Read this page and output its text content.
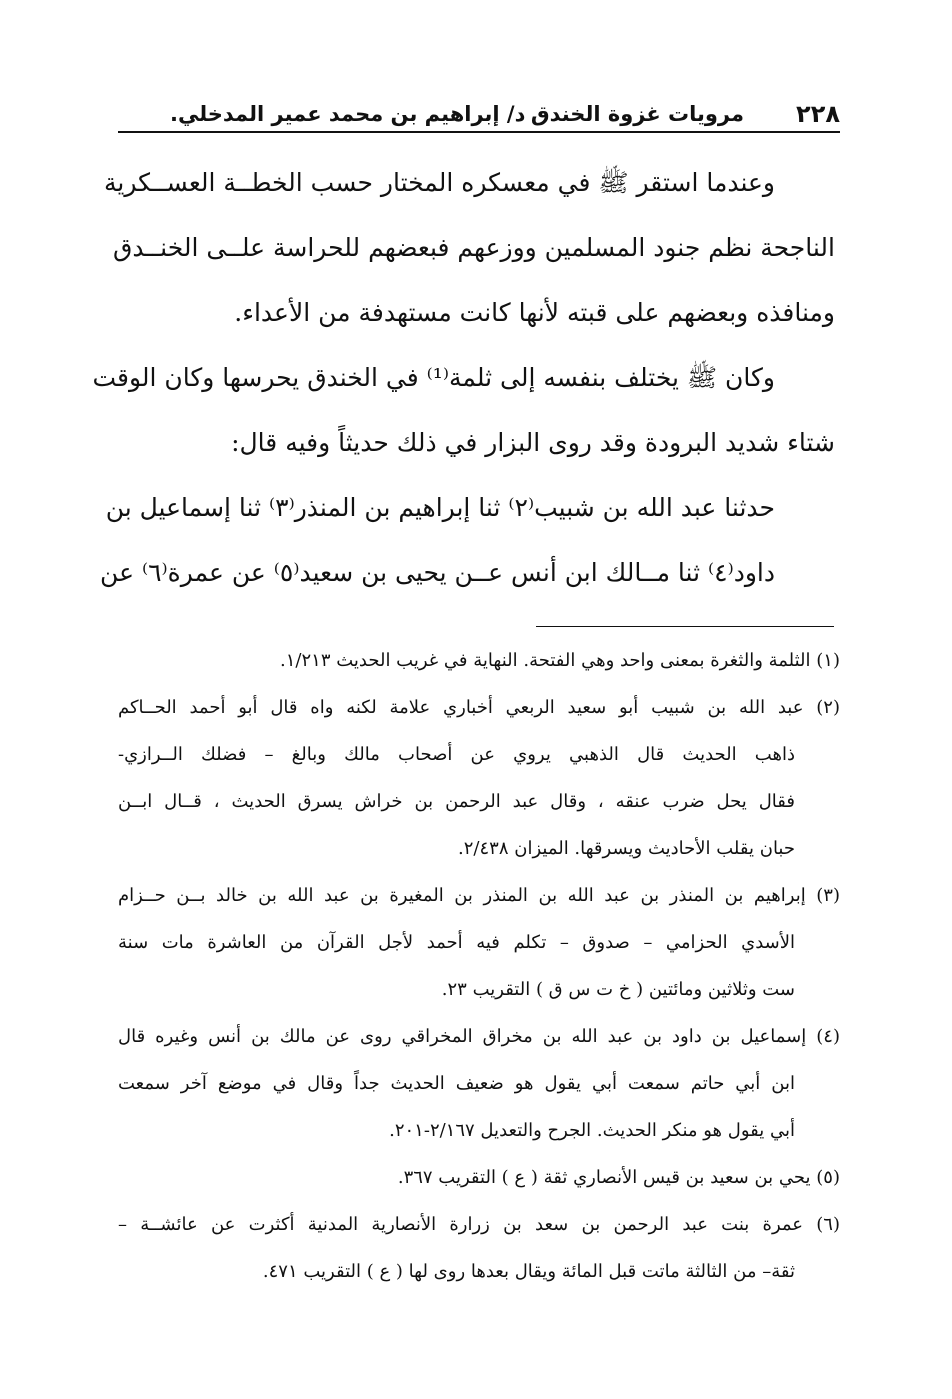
٢٢٨
مرويات غزوة الخندق
د/ إبراهيم بن محمد عمير المدخلي.
وعندما استقر ﷺ في معسكره المختار حسب الخطــة العســكرية
الناجحة نظم جنود المسلمين ووزعهم فبعضهم للحراسة علــى الخنــدق
ومنافذه وبعضهم على قبته لأنها كانت مستهدفة من الأعداء.
وكان ﷺ يختلف بنفسه إلى ثلمة⁽¹⁾ في الخندق يحرسها وكان الوقت
شتاء شديد البرودة وقد روى البزار في ذلك حديثاً وفيه قال:
حدثنا عبد الله بن شبيب⁽٢⁾ ثنا إبراهيم بن المنذر⁽٣⁾ ثنا إسماعيل بن
داود⁽٤⁾ ثنا مــالك ابن أنس عــن يحيى بن سعيد⁽٥⁾ عن عمرة⁽٦⁾ عن
(١) الثلمة والثغرة بمعنى واحد وهي الفتحة. النهاية في غريب الحديث ١/٢١٣.
(٢) عبد الله بن شبيب أبو سعيد الربعي أخباري علامة لكنه واه قال أبو أحمد الحــاكم
ذاهب الحديث قال الذهبي يروي عن أصحاب مالك وبالغ – فضلك الــرازي-
فقال يحل ضرب عنقه ، وقال عبد الرحمن بن خراش يسرق الحديث ، قــال ابــن
حبان يقلب الأحاديث ويسرقها. الميزان ٢/٤٣٨.
(٣) إبراهيم بن المنذر بن عبد الله بن المنذر بن المغيرة بن عبد الله بن خالد بــن حــزام
الأسدي الحزامي – صدوق – تكلم فيه أحمد لأجل القرآن من العاشرة مات سنة
ست وثلاثين ومائتين ( خ ت س ق ) التقريب ٢٣.
(٤) إسماعيل بن داود بن عبد الله بن مخراق المخراقي روى عن مالك بن أنس وغيره قال
ابن أبي حاتم سمعت أبي يقول هو ضعيف الحديث جداً وقال في موضع آخر سمعت
أبي يقول هو منكر الحديث. الجرح والتعديل ٢/١٦٧-٢٠١.
(٥) يحي بن سعيد بن قيس الأنصاري ثقة ( ع ) التقريب ٣٦٧.
(٦) عمرة بنت عبد الرحمن بن سعد بن زرارة الأنصارية المدنية أكثرت عن عائشــة –
ثقة– من الثالثة ماتت قبل المائة ويقال بعدها روى لها ( ع ) التقريب ٤٧١.
